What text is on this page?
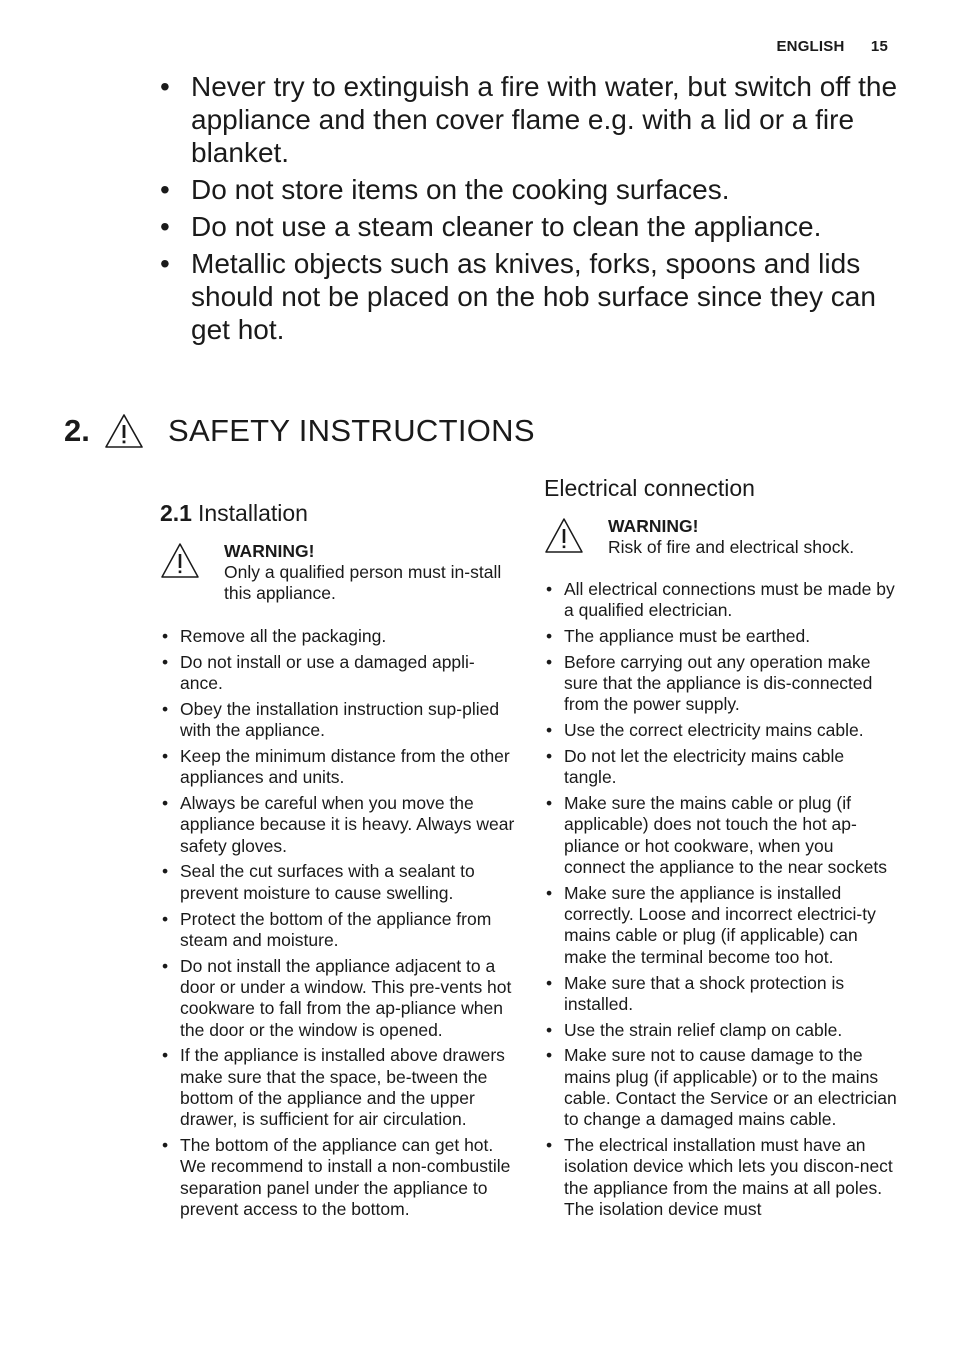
ENGLISH 15
• Never try to extinguish a fire with water, but switch off the appliance and then cover flame e.g. with a lid or a fire blanket.
• Do not store items on the cooking surfaces.
• Do not use a steam cleaner to clean the appliance.
• Metallic objects such as knives, forks, spoons and lids should not be placed on the hob surface since they can get hot.
2.	SAFETY INSTRUCTIONS
2.1 Installation
WARNING!
Only a qualified person must in-stall this appliance.
• Remove all the packaging.
• Do not install or use a damaged appli-ance.
• Obey the installation instruction sup-plied with the appliance.
• Keep the minimum distance from the other appliances and units.
• Always be careful when you move the appliance because it is heavy. Always wear safety gloves.
• Seal the cut surfaces with a sealant to prevent moisture to cause swelling.
• Protect the bottom of the appliance from steam and moisture.
• Do not install the appliance adjacent to a door or under a window. This pre-vents hot cookware to fall from the ap-pliance when the door or the window is opened.
• If the appliance is installed above drawers make sure that the space, be-tween the bottom of the appliance and the upper drawer, is sufficient for air circulation.
• The bottom of the appliance can get hot. We recommend to install a non-combustile separation panel under the appliance to prevent access to the bottom.
Electrical connection
WARNING!
Risk of fire and electrical shock.
• All electrical connections must be made by a qualified electrician.
• The appliance must be earthed.
• Before carrying out any operation make sure that the appliance is dis-connected from the power supply.
• Use the correct electricity mains cable.
• Do not let the electricity mains cable tangle.
• Make sure the mains cable or plug (if applicable) does not touch the hot ap-pliance or hot cookware, when you connect the appliance to the near sockets
• Make sure the appliance is installed correctly. Loose and incorrect electrici-ty mains cable or plug (if applicable) can make the terminal become too hot.
• Make sure that a shock protection is installed.
• Use the strain relief clamp on cable.
• Make sure not to cause damage to the mains plug (if applicable) or to the mains cable. Contact the Service or an electrician to change a damaged mains cable.
• The electrical installation must have an isolation device which lets you discon-nect the appliance from the mains at all poles. The isolation device must
